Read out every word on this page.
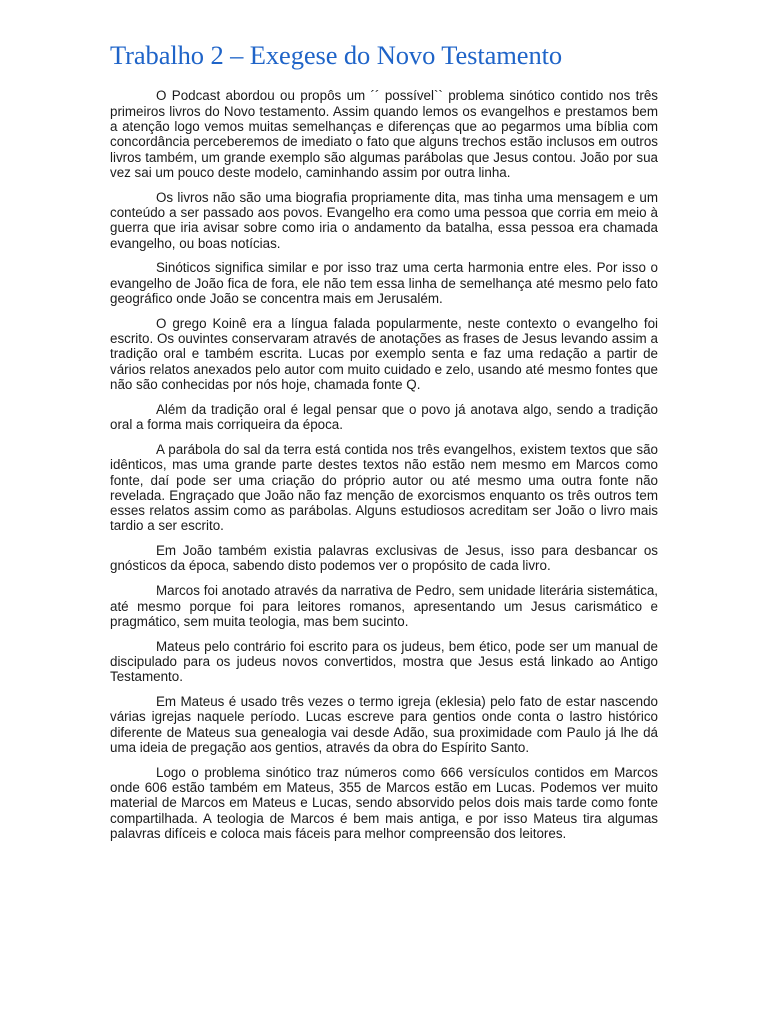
Trabalho 2 – Exegese do Novo Testamento

O Podcast abordou ou propôs um ´´ possível`` problema sinótico contido nos três primeiros livros do Novo testamento. Assim quando lemos os evangelhos e prestamos bem a atenção logo vemos muitas semelhanças e diferenças que ao pegarmos uma bíblia com concordância perceberemos de imediato o fato que alguns trechos estão inclusos em outros livros também, um grande exemplo são algumas parábolas que Jesus contou. João por sua vez sai um pouco deste modelo, caminhando assim por outra linha.

Os livros não são uma biografia propriamente dita, mas tinha uma mensagem e um conteúdo a ser passado aos povos. Evangelho era como uma pessoa que corria em meio à guerra que iria avisar sobre como iria o andamento da batalha, essa pessoa era chamada evangelho, ou boas notícias.

Sinóticos significa similar e por isso traz uma certa harmonia entre eles. Por isso o evangelho de João fica de fora, ele não tem essa linha de semelhança até mesmo pelo fato geográfico onde João se concentra mais em Jerusalém.

O grego Koinê era a língua falada popularmente, neste contexto o evangelho foi escrito. Os ouvintes conservaram através de anotações as frases de Jesus levando assim a tradição oral e também escrita. Lucas por exemplo senta e faz uma redação a partir de vários relatos anexados pelo autor com muito cuidado e zelo, usando até mesmo fontes que não são conhecidas por nós hoje, chamada fonte Q.

Além da tradição oral é legal pensar que o povo já anotava algo, sendo a tradição oral a forma mais corriqueira da época.

A parábola do sal da terra está contida nos três evangelhos, existem textos que são idênticos, mas uma grande parte destes textos não estão nem mesmo em Marcos como fonte, daí pode ser uma criação do próprio autor ou até mesmo uma outra fonte não revelada. Engraçado que João não faz menção de exorcismos enquanto os três outros tem esses relatos assim como as parábolas. Alguns estudiosos acreditam ser João o livro mais tardio a ser escrito.

Em João também existia palavras exclusivas de Jesus, isso para desbancar os gnósticos da época, sabendo disto podemos ver o propósito de cada livro.

Marcos foi anotado através da narrativa de Pedro, sem unidade literária sistemática, até mesmo porque foi para leitores romanos, apresentando um Jesus carismático e pragmático, sem muita teologia, mas bem sucinto.

Mateus pelo contrário foi escrito para os judeus, bem ético, pode ser um manual de discipulado para os judeus novos convertidos, mostra que Jesus está linkado ao Antigo Testamento.

Em Mateus é usado três vezes o termo igreja (eklesia) pelo fato de estar nascendo várias igrejas naquele período. Lucas escreve para gentios onde conta o lastro histórico diferente de Mateus sua genealogia vai desde Adão, sua proximidade com Paulo já lhe dá uma ideia de pregação aos gentios, através da obra do Espírito Santo.

Logo o problema sinótico traz números como 666 versículos contidos em Marcos onde 606 estão também em Mateus, 355 de Marcos estão em Lucas. Podemos ver muito material de Marcos em Mateus e Lucas, sendo absorvido pelos dois mais tarde como fonte compartilhada. A teologia de Marcos é bem mais antiga, e por isso Mateus tira algumas palavras difíceis e coloca mais fáceis para melhor compreensão dos leitores.
